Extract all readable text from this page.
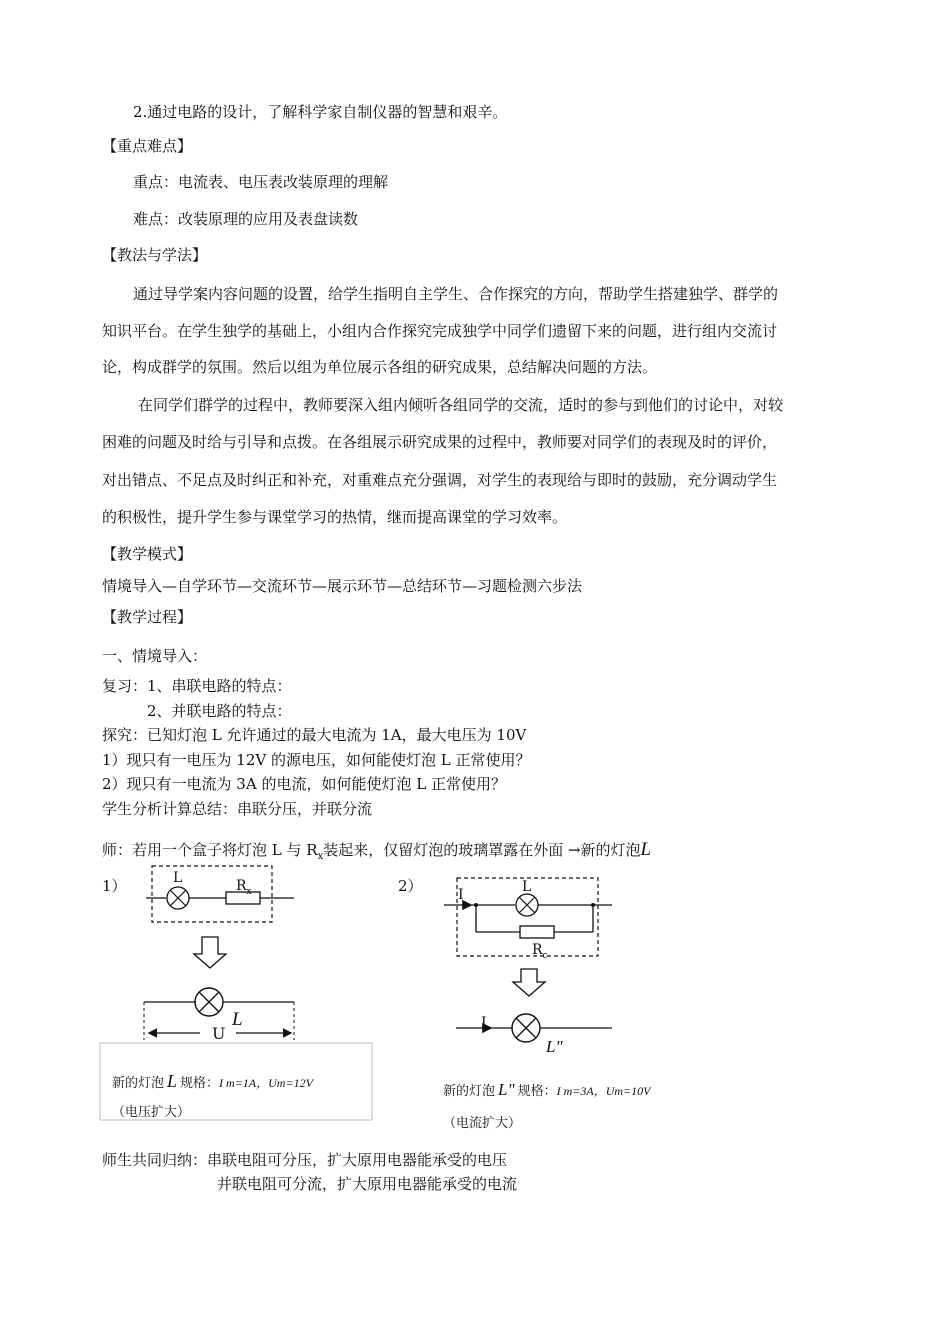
2.通过电路的设计，了解科学家自制仪器的智慧和艰辛。
【重点难点】
重点：电流表、电压表改装原理的理解
难点：改装原理的应用及表盘读数
【教法与学法】
通过导学案内容问题的设置，给学生指明自主学生、合作探究的方向，帮助学生搭建独学、群学的
知识平台。在学生独学的基础上，小组内合作探究完成独学中同学们遗留下来的问题，进行组内交流讨
论，构成群学的氛围。然后以组为单位展示各组的研究成果，总结解决问题的方法。
在同学们群学的过程中，教师要深入组内倾听各组同学的交流，适时的参与到他们的讨论中，对较
困难的问题及时给与引导和点拨。在各组展示研究成果的过程中，教师要对同学们的表现及时的评价，
对出错点、不足点及时纠正和补充，对重难点充分强调，对学生的表现给与即时的鼓励，充分调动学生
的积极性，提升学生参与课堂学习的热情，继而提高课堂的学习效率。
【教学模式】
情境导入—自学环节—交流环节—展示环节—总结环节—习题检测六步法
【教学过程】
一、情境导入：
复习：1、串联电路的特点：
2、并联电路的特点：
探究：已知灯泡 L 允许通过的最大电流为 1A，最大电压为 10V
1）现只有一电压为 12V 的源电压，如何能使灯泡 L 正常使用？
2）现只有一电流为 3A 的电流，如何能使灯泡 L 正常使用？
学生分析计算总结：串联分压，并联分流
师：若用一个盒子将灯泡 L 与 $R_x$装起来，仅留灯泡的玻璃罩露在外面 →新的灯泡L
1）	L	$R_x$
U
L
新的灯泡 L 规格：I m=1A，Um=12V
（电压扩大）
2）	I	L
$R_c$
I
L"
新的灯泡 L" 规格：I m=3A，Um=10V
（电流扩大）
师生共同归纳：串联电阻可分压，扩大原用电器能承受的电压
并联电阻可分流，扩大原用电器能承受的电流
